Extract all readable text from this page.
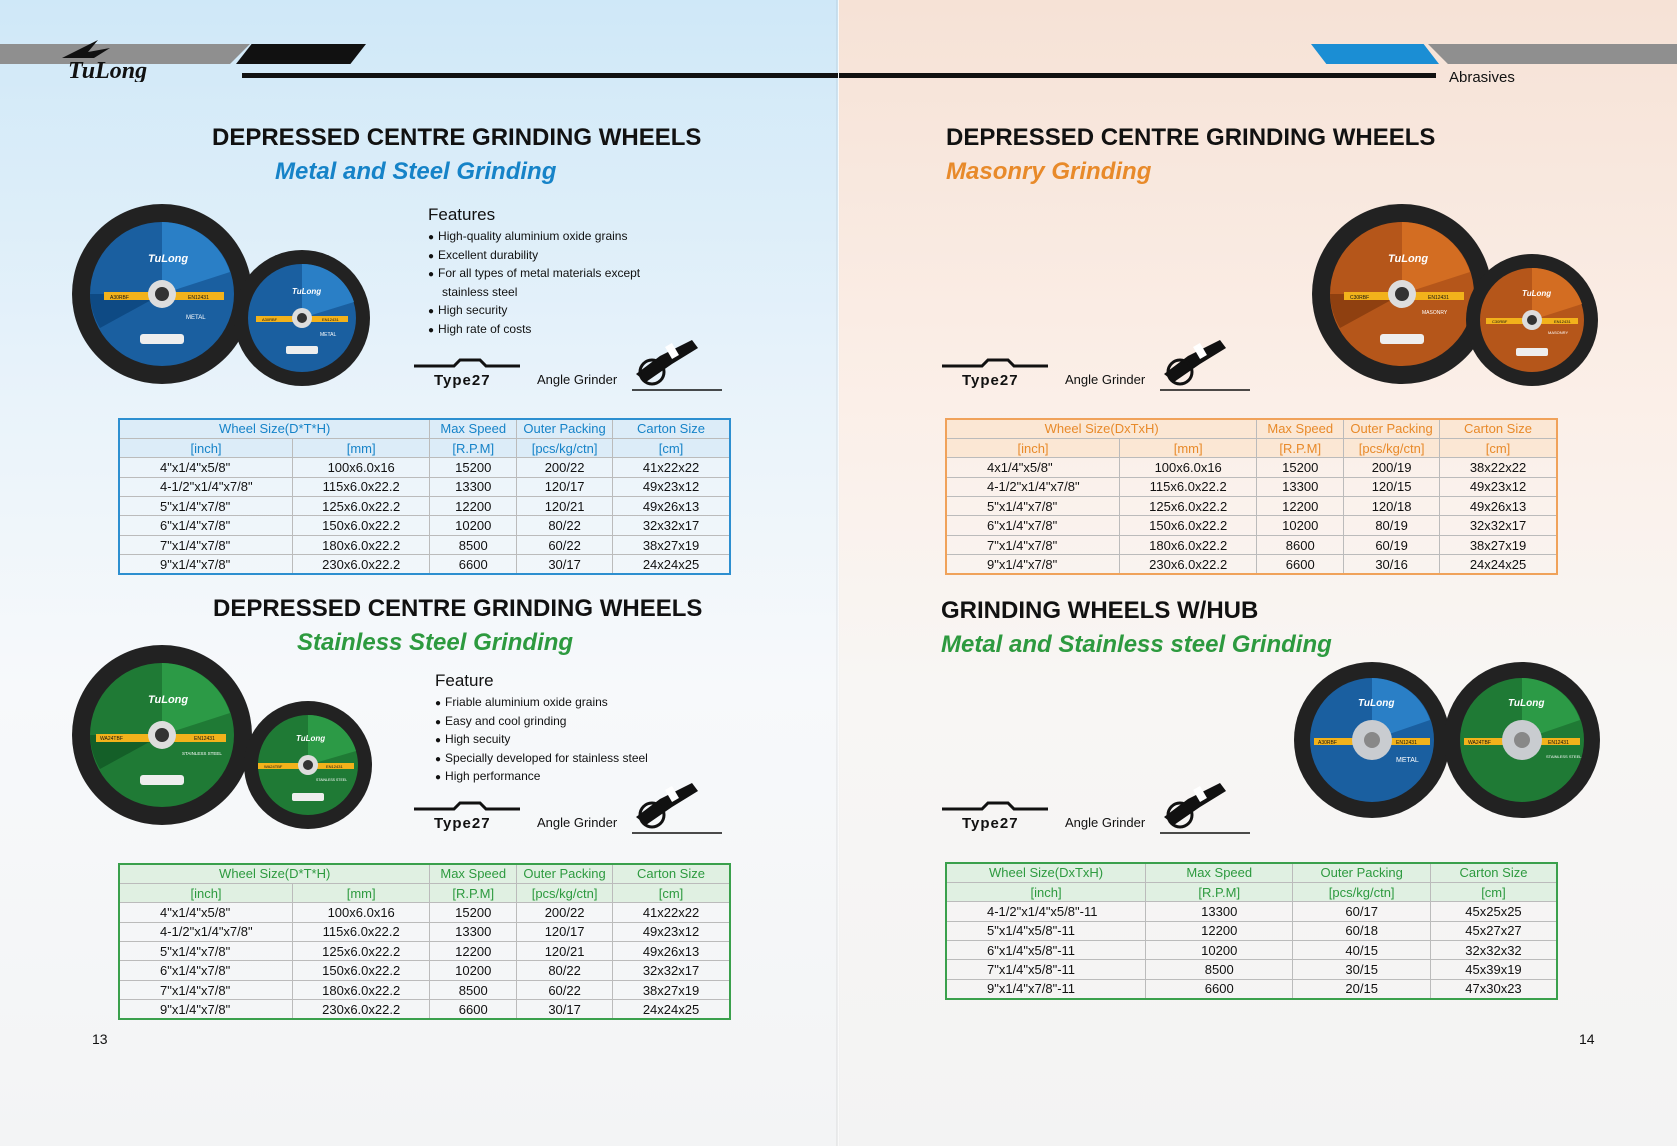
TuLong	Abrasives
DEPRESSED CENTRE GRINDING WHEELS
Metal and Steel Grinding
TuLong
A30RBF	EN12431
METAL
TuLong
A30RBF	EN12431
METAL
Features
● High-quality aluminium oxide grains
● Excellent durability
● For all types of metal materials except
stainless steel
● High security
● High rate of costs
Type27	Angle Grinder
Wheel Size(D*T*H)		Max Speed	Outer Packing	Carton Size
[inch]	[mm]	[R.P.M]	[pcs/kg/ctn]	[cm]
4"x1/4"x5/8"	100x6.0x16	15200	200/22	41x22x22
4-1/2"x1/4"x7/8"	115x6.0x22.2	13300	120/17	49x23x12
5"x1/4"x7/8"	125x6.0x22.2	12200	120/21	49x26x13
6"x1/4"x7/8"	150x6.0x22.2	10200	80/22	32x32x17
7"x1/4"x7/8"	180x6.0x22.2	8500	60/22	38x27x19
9"x1/4"x7/8"	230x6.0x22.2	6600	30/17	24x24x25
DEPRESSED CENTRE GRINDING WHEELS
Stainless Steel Grinding
TuLong
WA24TBF	EN12431
STAINLESS STEEL
TuLong
WA24TBF	EN12431
STAINLESS STEEL
Feature
● Friable aluminium oxide grains
● Easy and cool grinding
● High secuity
● Specially developed for stainless steel
● High performance
Type27	Angle Grinder
Wheel Size(D*T*H)		Max Speed	Outer Packing	Carton Size
[inch]	[mm]	[R.P.M]	[pcs/kg/ctn]	[cm]
4"x1/4"x5/8"	100x6.0x16	15200	200/22	41x22x22
4-1/2"x1/4"x7/8"	115x6.0x22.2	13300	120/17	49x23x12
5"x1/4"x7/8"	125x6.0x22.2	12200	120/21	49x26x13
6"x1/4"x7/8"	150x6.0x22.2	10200	80/22	32x32x17
7"x1/4"x7/8"	180x6.0x22.2	8500	60/22	38x27x19
9"x1/4"x7/8"	230x6.0x22.2	6600	30/17	24x24x25
13
DEPRESSED CENTRE GRINDING WHEELS
Masonry Grinding
TuLong
C30RBF	EN12431
MASONRY
TuLong
C30RBF	EN12431
MASONRY
Type27	Angle Grinder
Wheel Size(DxTxH)		Max Speed	Outer Packing	Carton Size
[inch]	[mm]	[R.P.M]	[pcs/kg/ctn]	[cm]
4x1/4"x5/8"	100x6.0x16	15200	200/19	38x22x22
4-1/2"x1/4"x7/8"	115x6.0x22.2	13300	120/15	49x23x12
5"x1/4"x7/8"	125x6.0x22.2	12200	120/18	49x26x13
6"x1/4"x7/8"	150x6.0x22.2	10200	80/19	32x32x17
7"x1/4"x7/8"	180x6.0x22.2	8600	60/19	38x27x19
9"x1/4"x7/8"	230x6.0x22.2	6600	30/16	24x24x25
GRINDING WHEELS W/HUB
Metal and Stainless steel Grinding
TuLong
A30RBF	EN12431
METAL
TuLong
WA24TBF	EN12431
STAINLESS STEEL
Type27	Angle Grinder
Wheel Size(DxTxH)	Max Speed	Outer Packing	Carton Size
[inch]	[R.P.M]	[pcs/kg/ctn]	[cm]
4-1/2"x1/4"x5/8"-11	13300	60/17	45x25x25
5"x1/4"x5/8"-11	12200	60/18	45x27x27
6"x1/4"x5/8"-11	10200	40/15	32x32x32
7"x1/4"x5/8"-11	8500	30/15	45x39x19
9"x1/4"x7/8"-11	6600	20/15	47x30x23
14
